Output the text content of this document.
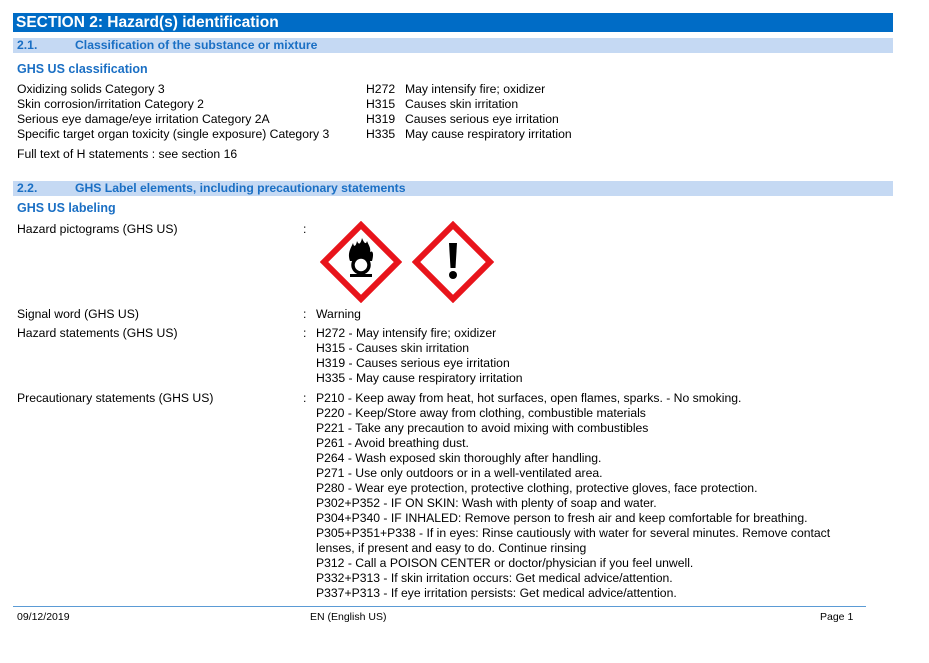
SECTION 2: Hazard(s) identification
2.1.	Classification of the substance or mixture
GHS US classification
Oxidizing solids Category 3	H272 May intensify fire; oxidizer
Skin corrosion/irritation Category 2	H315 Causes skin irritation
Serious eye damage/eye irritation Category 2A	H319 Causes serious eye irritation
Specific target organ toxicity (single exposure) Category 3	H335 May cause respiratory irritation
Full text of H statements : see section 16
2.2.	GHS Label elements, including precautionary statements
GHS US labeling
Hazard pictograms (GHS US)	:
Signal word (GHS US)	: Warning
Hazard statements (GHS US)	: H272 - May intensify fire; oxidizer
H315 - Causes skin irritation
H319 - Causes serious eye irritation
H335 - May cause respiratory irritation
Precautionary statements (GHS US)	: P210 - Keep away from heat, hot surfaces, open flames, sparks. - No smoking.
P220 - Keep/Store away from clothing, combustible materials
P221 - Take any precaution to avoid mixing with combustibles
P261 - Avoid breathing dust.
P264 - Wash exposed skin thoroughly after handling.
P271 - Use only outdoors or in a well-ventilated area.
P280 - Wear eye protection, protective clothing, protective gloves, face protection.
P302+P352 - IF ON SKIN: Wash with plenty of soap and water.
P304+P340 - IF INHALED: Remove person to fresh air and keep comfortable for breathing.
P305+P351+P338 - If in eyes: Rinse cautiously with water for several minutes. Remove contact
lenses, if present and easy to do. Continue rinsing
P312 - Call a POISON CENTER or doctor/physician if you feel unwell.
P332+P313 - If skin irritation occurs: Get medical advice/attention.
P337+P313 - If eye irritation persists: Get medical advice/attention.
09/12/2019	EN (English US)	Page 1
